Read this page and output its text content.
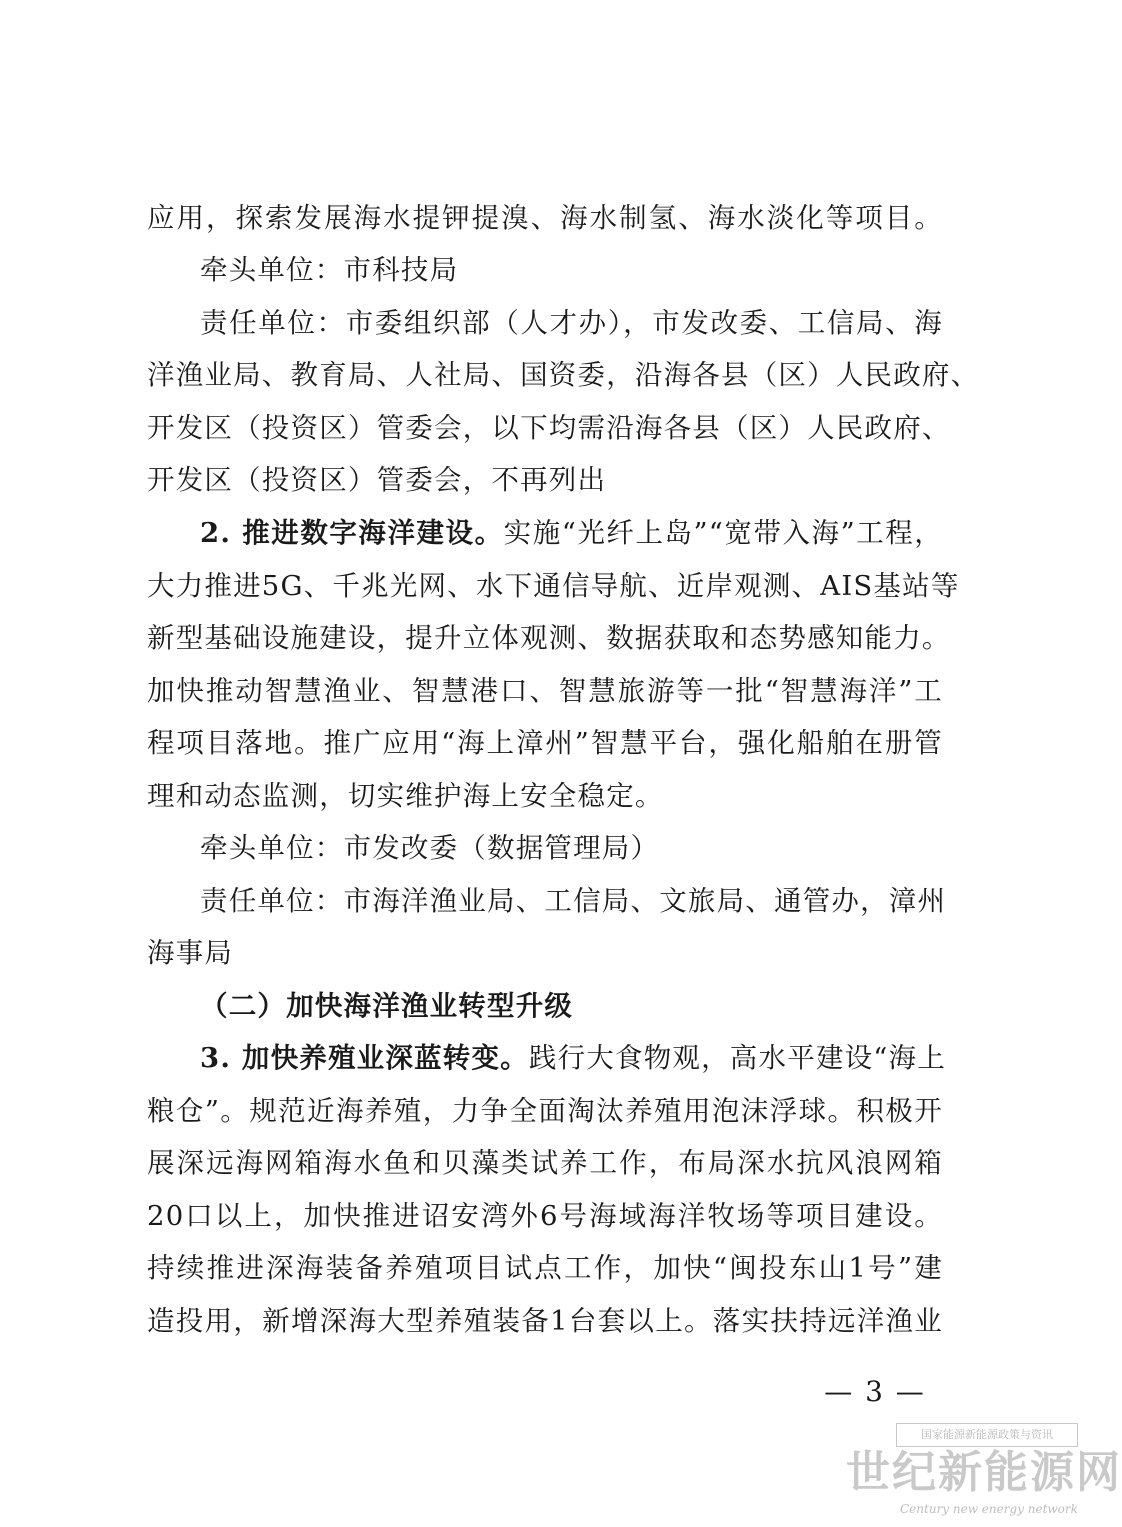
应用，探索发展海水提钾提溴、海水制氢、海水淡化等项目。
牵头单位：市科技局
责任单位：市委组织部（人才办），市发改委、工信局、海
洋渔业局、教育局、人社局、国资委，沿海各县（区）人民政府、
开发区（投资区）管委会，以下均需沿海各县（区）人民政府、
开发区（投资区）管委会，不再列出
2. 推进数字海洋建设。实施“光纤上岛”“宽带入海”工程，
大力推进5G、千兆光网、水下通信导航、近岸观测、AIS基站等
新型基础设施建设，提升立体观测、数据获取和态势感知能力。
加快推动智慧渔业、智慧港口、智慧旅游等一批“智慧海洋”工
程项目落地。推广应用“海上漳州”智慧平台，强化船舶在册管
理和动态监测，切实维护海上安全稳定。
牵头单位：市发改委（数据管理局）
责任单位：市海洋渔业局、工信局、文旅局、通管办，漳州
海事局
（二）加快海洋渔业转型升级
3. 加快养殖业深蓝转变。践行大食物观，高水平建设“海上
粮仓”。规范近海养殖，力争全面淘汰养殖用泡沫浮球。积极开
展深远海网箱海水鱼和贝藻类试养工作，布局深水抗风浪网箱
20口以上，加快推进诏安湾外6号海域海洋牧场等项目建设。
持续推进深海装备养殖项目试点工作，加快“闽投东山1号”建
造投用，新增深海大型养殖装备1台套以上。落实扶持远洋渔业
— 3 —
国家能源新能源政策与资讯
世纪新能源网
Century new energy network
